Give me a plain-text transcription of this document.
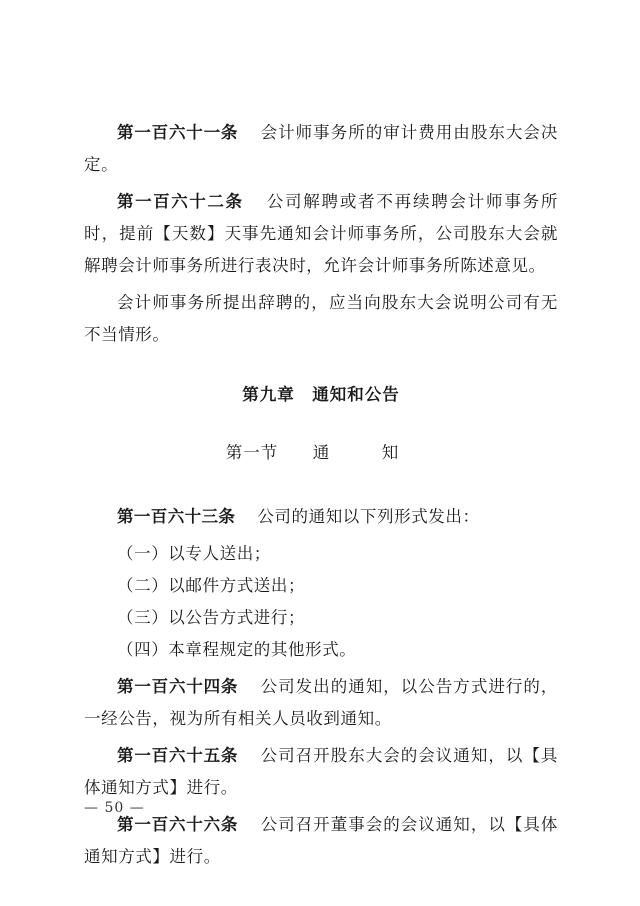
第一百六十一条 会计师事务所的审计费用由股东大会决定。

第一百六十二条 公司解聘或者不再续聘会计师事务所时，提前【天数】天事先通知会计师事务所，公司股东大会就解聘会计师事务所进行表决时，允许会计师事务所陈述意见。

会计师事务所提出辞聘的，应当向股东大会说明公司有无不当情形。

第九章　通知和公告
第一节 通　知

第一百六十三条 公司的通知以下列形式发出：

（一）以专人送出；

（二）以邮件方式送出；

（三）以公告方式进行；

（四）本章程规定的其他形式。

第一百六十四条 公司发出的通知，以公告方式进行的，一经公告，视为所有相关人员收到通知。

第一百六十五条 公司召开股东大会的会议通知，以【具体通知方式】进行。

第一百六十六条 公司召开董事会的会议通知，以【具体通知方式】进行。

— 50 —
